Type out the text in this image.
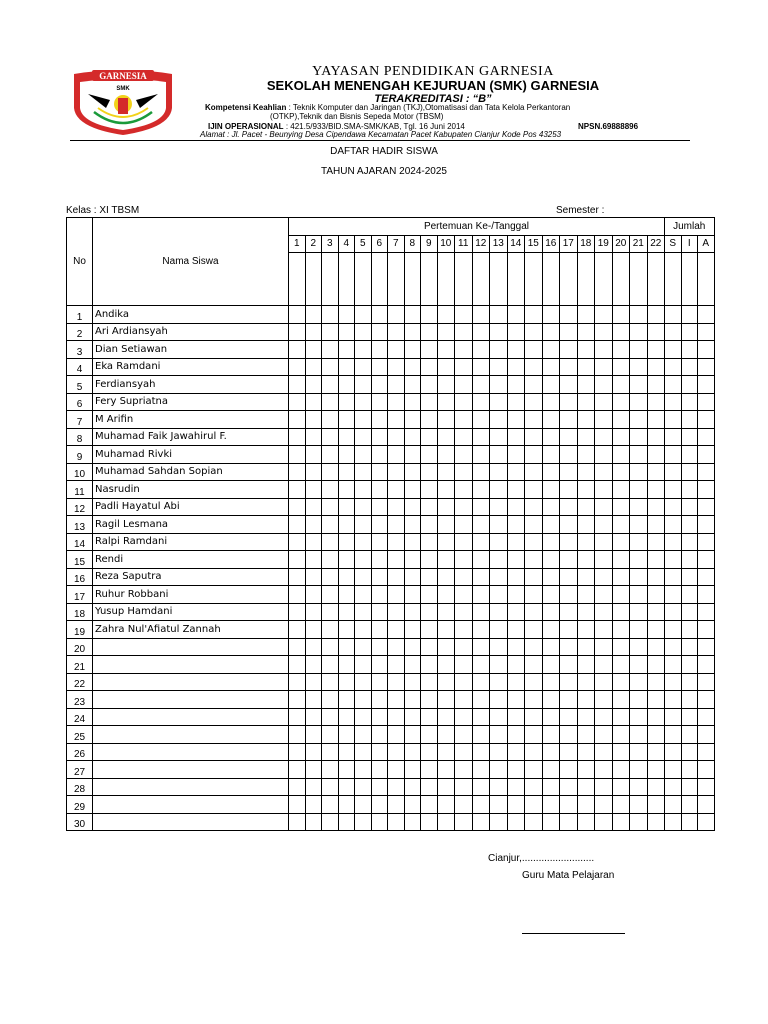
GARNESIA
SMK
YAYASAN PENDIDIKAN GARNESIA
SEKOLAH MENENGAH KEJURUAN (SMK) GARNESIA
TERAKREDITASI : “B”
Kompetensi Keahlian : Teknik Komputer dan Jaringan (TKJ),Otomatisasi dan Tata Kelola Perkantoran
(OTKP),Teknik dan Bisnis Sepeda Motor (TBSM)
IJIN OPERASIONAL : 421.5/933/BID.SMA-SMK/KAB, Tgl. 16 Juni 2014	NPSN.69888896
Alamat : Jl. Pacet - Beunying Desa Cipendawa Kecamatan Pacet Kabupaten Cianjur Kode Pos 43253
DAFTAR HADIR SISWA
TAHUN AJARAN 2024-2025
Kelas : XI TBSM	Semester :
No	Nama Siswa	Pertemuan Ke-/Tanggal																						Jumlah		
		1	2	3	4	5	6	7	8	9	10	11	12	13	14	15	16	17	18	19	20	21	22	S	I	A

1	Andika																									
2	Ari Ardiansyah																									
3	Dian Setiawan																									
4	Eka Ramdani																									
5	Ferdiansyah																									
6	Fery Supriatna																									
7	M Arifin																									
8	Muhamad Faik Jawahirul F.																									
9	Muhamad Rivki																									
10	Muhamad Sahdan Sopian																									
11	Nasrudin																									
12	Padli Hayatul Abi																									
13	Ragil Lesmana																									
14	Ralpi Ramdani																									
15	Rendi																									
16	Reza Saputra																									
17	Ruhur Robbani																									
18	Yusup Hamdani																									
19	Zahra Nul'Afiatul Zannah																									
20																										
21																										
22																										
23																										
24																										
25																										
26																										
27																										
28																										
29																										
30																										
Cianjur,..........................
Guru Mata Pelajaran
